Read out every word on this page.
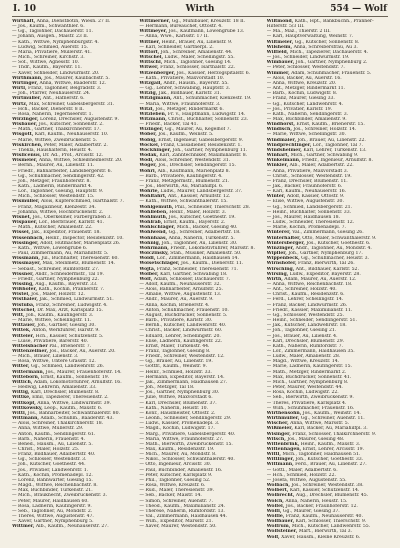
I. 10	Wirth	554 — Wolf
Wirthaft, Anna, Dienstbotin, Wiesn. 27 II.
— Jos., Kaufm., Schwanthler. 6.
— Gg., Taglöhner, Dachauerstr. 11.
— Johann, Ausgeh., Maistr. 23 II.
— Kath., Wittwe, Nymphenburgstr. 4.
— Ludwig, Schmied, Auerstr. 15.
— Maria, Privatiere, Müllerstr. 41.
— Mich., Schreiner, Kirchstr. 3.
— Sof., Wittwe, Agnesstr. 10.
— Thdr., Kaufm., Bayerstr. 11.
— Xaver, Schneider, Lindwurmstr. 20.
Wirthmann, Jos., Maurer, Kaulbachstr. 5.
Wirtinger, Anna, Wittwe, Baaderstr. 12.
Wirtl, Franz, Taglöhner, Belgradstr. 3.
— Joh., Pfarrer, Neuhauserstr. 24.
Wirtmüller, Ant., Hafnerstr. 6.
Wirtz, Max, Schreiner, Gabelsbergerstr. 31.
— Hch., Bäcker, Dienerstr. 8 II.
— Rosa, Näherin, Tegernseerstr. 1.
Wirzinger, Lorenz, Drechsler, Augustenstr. 9.
Wisbauer, Jos., Kutscher, Sonnenstr. 2.
— Math., Gärtner, Thalkirchnerstr. 17.
Wisgott, Karl, Kaufm., Neuhauserstr. 10.
— Marie, Wittwe, Zweibrückenstr. 5.
Wiskirchen, Peter, Maler, Adalbertstr. 2.
— Thekla, Haushälterin, Heustr. 4.
Wislicenus, Dr. Ad., Prof., Arcisstr. 12.
Wismeier, Anna, Wittwe, Schleißheimerstr. 20.
— Bernh., Maurer, Au, Lilienstr. 11.
— Friedr., Bahnarbeiter, Landsbergerstr. 6.
— Gg., Schuhmacher, Sendlingerstr. 42.
— Joh., Metzger, Fraunhoferstr. 8.
— Kath., Ladnerin, Rindermarkt 4.
— Lor., Taglöhner, Giesing, Hauptstr. 9.
— Mich., Schlosser, Westendstr. 15.
Wismüller, Alois, Kupferschmied, Isarthalstr. 7.
— Franz, Magazineur, Klenzestr. 34.
— Johanna, Wittwe, Hochbrückenstr. 2.
Wisnet, Jos., Oberkellner, Färbergraben 3.
Wispauer, Lor., Bierbrauer, Karlstr. 41.
— Math., Kutscher, Amalienstr. 22.
Wissel, Jak., Expeditor, Frauenstr. 18.
Wissenbach, Heinr., Inspector, Residenzstr. 10.
Wissinger, Adolf, Hutmacher, Marienplatz 26.
— Kath., Wittwe, Löwengrube 6.
— Paul, Zimmermann, Au, Mariahilfstr. 5.
Wissmann, Jul., Buchhalter, Theresienstr. 60.
Wissmayer, Max, Steinmetz, Blumenstr. 14.
— Sebast., Schreiner, Rumfordstr. 27.
Wissner, Andr., Schneidermstr., Tal 19.
— Friedr., Gärtner, Nymphenburg 22.
Wissing, Aug., Kaufm., Bayerstr. 33.
Wißhofer, Kath., Köchin, Prannerstr. 7.
Wistel, Jos., Maler, Holzstr. 12.
Wisthaler, Jak., Schmied, Lindwurmstr. 51.
Wistuba, Franz, Schreiner, Ludwigstr. 4.
Witschel, Dr. Max, Arzt, Karlsplatz 15.
Witt, Joh., Kaufm., Kaufingerstr. 3.
— Marie, Wittwe, Schellingstr. 11.
Wittauer, Joh., Gärtner, Giesing 30.
Wittek, Anton, Werkführer, Isarstr. 9.
Witteler, Hch., Kassier, Schützenstr. 5.
— Luise, Privatiere, Barerstr. 40.
Wittelsbacher Pal., Brienerstr. 7.
Wittenzellner, Jos., Bäcker, Au, Auerstr. 20.
— Mich., Brauer, Lilienstr. 3.
— Rosa, Wittwe, Untere Grasstr. 12.
Witter, Gg., Schmied, Landwehrstr. 26.
Wittermann, Jos., Maurer, Frauenhoferstr. 14.
Witteborn, Ernst, Kaufm., Sonnenstr. 19.
Wittich, Adam, Lokomotivführer, Arnulfstr. 16.
— Hedwig, Lehrerin, Amalienstr. 33.
Wittig, Karl, Drechsler, Blumenstr. 8.
Wittke, Emil, Tapezierer, Theresienstr. 2.
Wittkopf, Anna, Wittwe, Lindwurmstr. 39.
Wittkowsky, Leop., Kaufm., Maxstr. 6.
Wittl, Jos., Bahnarbeiter, Schwanthalerstr. 80.
Wittmann, Adalb., Schuhm., Baaderstr. 43.
— Alois, Schreiner, Thalkirchnerstr. 18.
— Anna, Wittwe, Müllerstr. 29.
— Anton, Kaufm., Sendlingerstr. 61.
— Barb., Näherin, Frauenstr. 4.
— Bened., Hausm., Au, Lilienstr. 5.
— Christ., Maler, Holzstr. 25.
— Franz, Bildhauer, Adalbertstr. 40.
— Gg., Schlosser, Westendstr. 3.
— Joh., Kutscher, Goethestr. 44.
— Jos., Privatier, Landwehrstr. 1.
— Kath., Köchin, Promenadepl. 12.
— Lorenz, Bahnwärter, Giesing 15.
— Magd., Wittwe, Reichenbachstr. 8.
— Max, Buchbinder, Türkenstr. 21.
— Mich., Brauknecht, Zweibrückenstr. 3.
— Peter, Maurer, Haidhausen 60.
— Rosa, Ladnerin, Kaufingerstr. 9.
— Seb., Taglöhner, Au, Mondstr. 2.
— Theres, Wittwe, Augustenstr. 47.
— Xaver, Gärtner, Nymphenburg 5.
Wittmer, Alb., Kaufm., Neuhauserstr. 27.
Wittmerner, Gg., Mühlbauer, Kreuzstr. 18 II.
— Hermann, Bureauchef, Ottostr. 4.
Wittmeyer, Jos., Kaufmann, Löwengrube 13.
— Anna, Wwe., Karlsstr. 17 II.
Wittner, Heinr., Brauer, Au, Lilienstr. 9.
— Karl, Schneider, Gärtnerpl. 2.
Wittorf, Joh., Schreiner, Amalienstr. 44.
Witschel, Ludw., Maler, Schellingstr. 55.
Wittschl, Mich., Taglöhner, Giesing 14.
Witwer, Franz, Schlosser, Isarthalstr. 22.
Witzenberger, Jos., Kassier, Herzogspitalstr. 6.
— Kath., Privatiere, Maxvorstadt 10.
Witzgall, Andr., Hausm., Bayerstr. 55.
— Gg., Lehrer, Schwabing, Hauptstr. 3.
Witzig, Jak., Bildhauer, Karlstr. 31.
Witzigmann, Ant., Schuhmacher, Klenzestr. 19.
— Maria, Wittwe, Fraunhoferstr. 3.
Witzl, Jos., Metzger, Rindermarkt 6.
Witzleben, Fr. v., Hauptmann, Ludwigstr. 14.
Witzmann, Christ., Buchhalter, Sonnenstr. 23.
— Friedr., Bäcker, Tal 41.
Wizinger, Gg., Maurer, Au, Kegelhof 7.
Wöber, Jos., Kaufm., Weinstr. 5.
Wobig, Ernst, Ingenieur, Gabelsbergerstr. 9.
Wöckel, Franz, Cassadiener, Residenzstr. 1.
Wöckhinger, Joh., Gärtner, Nymphenburg 11.
Wodak, Karl, Zahntechniker, Maximilianstr. 8.
Wödl, Alois, Schreiner, Westendstr. 31.
Wöger, Jos., Drechsler, Sendlingerstr. 15.
Wöhrl, Alb., Kaufmann, Marienplatz 8.
— Barb., Privatiere, Kaufingerstr. 4.
— Franz, Metzgermstr., Blumenstr. 21.
— Jos., Bierwirth, Au, Mariahilfpl. 6.
Wöhrle, Ludw., Maurer, Landsbergerstr. 37.
Wohlfahrt, Ant., Kassier, Arnulfstr. 12.
— Kath., Wittwe, Schwanthalerstr. 15.
Wohlgemuth, Phil., Schneider, Thierschstr. 28.
Wohlleben, Heinr., Maler, Holzstr. 3.
Wohlmuth, Jos., Kutscher, Goethestr. 19.
Wohlrab, Ernst, Kaufm., Bayerstr. 2.
Wohlschläger, Mich., Bäcker, Giesing 40.
Wohlwend, Gg., Schreiner, Adalbertstr. 18.
Wohnhaas, Anna, Näherin, Türkenstr. 5.
Wohnig, Joh., Taglöhner, Au, Lilienstr. 30.
Wöhrmann, Friedr., Lokomotivführer, Marsstr. 8.
Woiczinsky, Stan., Musiker, Amalienstr. 50.
Woidl, Lor., Zimmermann, Haidhausen 14.
Woisetschläger, Jos., Kaufm., Dienerstr. 11.
Wojta, Franz, Schneider, Theresienstr. 71.
Wolber, Karl, Gärtner, Schwabing 18.
Wolf, Adam, Schlosser, Dachauerstr. 7.
— Adolf, Kaufm., Neuhauserstr. 32.
— Alois, Bahnarbeiter, Arnulfstr. 25.
— Amalie, Wittwe, Augustenstr. 13.
— Andr., Maurer, Au, Auerstr. 9.
— Anna, Köchin, Brienerstr. 4.
— Anton, Schuhmacher, Frauenstr. 10.
— August, Buchdrucker, Sonnenstr. 5.
— Barb., Privatiere, Karlstr. 30.
— Bernh., Kutscher, Landwehrstr. 40.
— Christ., Bäcker, Lindwurmstr. 60.
— Eduard, Lehrer, Schellingstr. 20.
— Elise, Ladnerin, Kaufingerstr. 22.
— Ernst, Maler, Türkenstr. 44.
— Franz, Taglöhner, Giesing 8.
— Friedr., Schreiner, Westendstr. 12.
— Gg., Brauer, Au, Lilienstr. 19.
— Gottfr., Kaufm., Weinstr. 9.
— Heinr., Schmied, Holzstr. 33.
— Hermann, Expeditor, Bayerstr. 14.
— Jak., Zimmermann, Haidhausen 27.
— Joh., Metzger, Tal 18.
— Jos., Gärtner, Nymphenburg 30.
— Julie, Wittwe, Maxvorstadt 6.
— Karl, Drechsler, Blumenstr. 37.
— Kath., Näherin, Heustr. 10.
— Konr., Hausmeister, Ottostr. 2.
— Leonh., Schneider, Sendlingerstr. 29.
— Ludw., Kassier, Promenadepl. 3.
— Magd., Köchin, Ludwigstr. 17.
— Marg., Privatiere, Gabelsbergerstr. 40.
— Maria, Wittwe, Fraunhoferstr. 27.
— Math., Bierwirth, Zweibrückenstr. 15.
— Max, Kaufm., Residenzstr. 19.
— Mich., Maurer, Au, Mondstr. 8.
— Nikol., Schlosser, Schwanthalerstr. 40.
— Otto, Ingenieur, Arcisstr. 30.
— Paul, Buchbinder, Amalienstr. 16.
— Peter, Kutscher, Karlsplatz 9.
— Phil., Taglöhner, Giesing 52.
— Rosa, Wittwe, Kreuzstr. 6.
— Rud., Maler, Theresienstr. 39.
— Seb., Bäcker, Maistr. 14.
— Simon, Schreiner, Auenstr. 7.
— Theod., Kaufm., Maximilianstr. 24.
— Therese, Näherin, Rumfordstr. 13.
— Val., Zimmermann, Haidhausen 44.
— Wilh., Expeditor, Marsstr. 21.
— Xaver, Maurer, Westendstr. 50.
Wiltmond, Kath., Hpt., Bankbuchh., Pranner-
Hilterstr. 5/3 III.
— Ma., Maz., Thierstr. 2 III.
— Karl, Hauptverwaltung, Weinstr. 7.
Wiltmeier, Gg., Kutscher, Sonnenstr. 8.
Wilsheim, Anna, Schreibersfrau, Au 3.
Wilfield, Mich., Tapezierer, Dachauerstr. 4.
— Jos., Schneider, Lindwurmstr. 19.
Wimbauer, Joh., Gärtner, Nymphenburg 2.
— Peter, Schlosser, Westendstr. 7.
Wimmer, Adam, Schuhmacher, Frauenstr. 5.
— Alois, Bäcker, Au, Auerstr. 16.
— Anna, Wittwe, Kreuzstr. 20.
— Ant., Metzger, Rindermarkt 11.
— Barb., Köchin, Ludwigstr. 8.
— Franz, Maurer, Giesing 33.
— Gg., Kutscher, Landwehrstr. 4.
— Jos., Privatier, Karlstr. 19.
— Kath., Näherin, Sendlingerstr. 3.
— Max, Buchbinder, Amalienstr. 9.
Windhorst, Ernst, Kaufm., Brienerstr. 15.
Windisch, Jos., Schreiner, Holzstr. 14.
— Marie, Wittwe, Schellingstr. 30.
Windmaier, Joh., Brauer, Au, Lilienstr. 22.
Windprechtinger, Lor., Taglöhner, Tal 7.
Windsheimer, Karl, Lehrer, Türkenstr. 13.
Winhart, Mich., Gärtner, Schwabing 9.
Winkelmann, Friedr., Ingenieur, Arnulfstr. 8.
Winkler, Alb., Maler, Adalbertstr. 22.
— Anna, Privatiere, Maxvorstadt 3.
— Christ., Schlosser, Westendstr. 19.
— Franz, Drechsler, Blumenstr. 11.
— Jak., Bäcker, Fraunhoferstr. 6.
— Karl, Kaufm., Neuhauserstr. 16.
Winter, Adolf, Kassier, Ottostr. 9.
— Elise, Wittwe, Augustenstr. 30.
— Gg., Schmied, Landsbergerstr. 21.
— Heinr., Buchhalter, Sonnenstr. 33.
— Jos., Maurer, Haidhausen 18.
— Ludw., Schneider, Theresienstr. 12.
— Marie, Köchin, Promenadepl. 7.
Winterer, Val., Zimmermann, Giesing 26.
Winterhalter, Otto, Maler, Schwanthalerstr. 9.
Wintersberger, Jos., Kutscher, Goethestr. 6.
Winzinger, Andr., Taglöhner, Au, Mondstr. 4.
Wipfler, Joh., Gärtner, Nymphenburg 17.
Wippenbeck, Gg., Schuhmacher, Heustr. 3.
Wirnshofer, Franz, Bierwirth, Tal 26.
Wirsching, Ant., Bildhauer, Karlstr. 52.
Wirsing, Ludw., Expeditor, Bayerstr. 28.
Wirth, Adam, Maurer, Au, Auerstr. 12.
— Anna, Wittwe, Reichenbachstr. 18.
— Ant., Schreiner, Holzstr. 40.
— Christ., Kaufm., Residenzstr. 6.
— Ferd., Lehrer, Schellingstr. 14.
— Franz, Bäcker, Lindwurmstr. 26.
— Friedr., Kassier, Maximilianstr. 11.
— Gg., Schlosser, Westendstr. 25.
— Heinr., Schneider, Sendlingerstr. 51.
— Jak., Kutscher, Landwehrstr. 18.
— Joh., Taglöhner, Giesing 21.
— Jos., Brauer, Au, Lilienstr. 4.
— Karl, Drechsler, Blumenstr. 29.
— Kath., Näherin, Rumfordstr. 7.
— Lor., Zimmermann, Haidhausen 35.
— Ludw., Maler, Amalienstr. 28.
— Magd., Wittwe, Kreuzstr. 14.
— Marie, Ladnerin, Kaufingerstr. 15.
— Math., Metzger, Rindermarkt 2.
— Max, Buchdrucker, Sonnenstr. 41.
— Mich., Gärtner, Nymphenburg 8.
— Peter, Maurer, Westendstr. 44.
— Rosa, Köchin, Ludwigstr. 22.
— Seb., Bierwirth, Zweibrückenstr. 9.
— Theres, Privatiere, Karlsplatz 4.
— Wilh., Schuhmacher, Frauenstr. 16.
Wirthensohn, Jos., Kaufm., Weinstr. 14.
Wirthmüller, Gg., Schreiner, Auenstr. 11.
Wischer, Anna, Wittwe, Marsstr. 5.
Wißmeier, Karl, Bäcker, Au, Mariahilfpl. 3.
Wisinger, Franz, Schlosser, Thalkirchnerstr. 9.
Witsch, Jos., Maurer, Giesing 48.
Wittenbrink, Heinr., Kaufm., Maxstr. 3.
Wittenhagen, Ernst, Lehrer, Arcisstr. 19.
Wittl, Mich., Taglöhner, Haidhausen 51.
Wittlinger, Joh., Kutscher, Goethestr. 33.
Wittmann, Ferd., Brauer, Au, Lilienstr. 27.
— Gottl., Maler, Adalbertstr. 6.
— Hch., Schmied, Holzstr. 22.
— Josefa, Wittwe, Augustenstr. 55.
Wolbach, Jos., Schreiner, Westendstr. 38.
Wolbert, Karl, Kassier, Schützenstr. 14.
Wolbrecht, Aug., Drechsler, Blumenstr. 45.
Wolch, Anna, Näherin, Heustr. 15.
Wölfel, Jos., Bäcker, Fraunhoferstr. 12.
Wölfl, Gg., Maurer, Giesing 37.
Wölfle, Franz, Kaufm., Neuhauserstr. 40.
Wolfbauer, Karl, Schlosser, Thierschstr. 9.
Wolfrum, Mich., Kutscher, Landwehrstr. 55.
Wolfsteiner, Mart., Bierwirth, Tal 3.
Wolf, Xaver, Hausm., Kleine Kreuzstr. 6.
